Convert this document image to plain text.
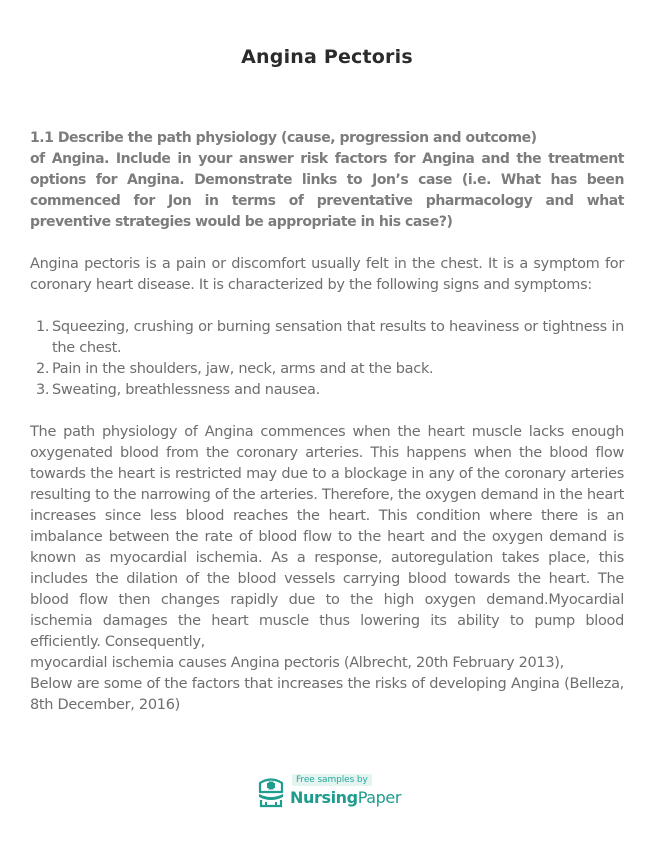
Angina Pectoris
1.1 Describe the path physiology (cause, progression and outcome)
of Angina. Include in your answer risk factors for Angina and the treatment options for Angina. Demonstrate links to Jon’s case (i.e. What has been commenced for Jon in terms of preventative pharmacology and what preventive strategies would be appropriate in his case?)

Angina pectoris is a pain or discomfort usually felt in the chest. It is a symptom for coronary heart disease. It is characterized by the following signs and symptoms:

1. Squeezing, crushing or burning sensation that results to heaviness or tightness in the chest.
2. Pain in the shoulders, jaw, neck, arms and at the back.
3. Sweating, breathlessness and nausea.

The path physiology of Angina commences when the heart muscle lacks enough oxygenated blood from the coronary arteries. This happens when the blood flow towards the heart is restricted may due to a blockage in any of the coronary arteries resulting to the narrowing of the arteries. Therefore, the oxygen demand in the heart increases since less blood reaches the heart. This condition where there is an imbalance between the rate of blood flow to the heart and the oxygen demand is known as myocardial ischemia. As a response, autoregulation takes place, this includes the dilation of the blood vessels carrying blood towards the heart. The blood flow then changes rapidly due to the high oxygen demand.Myocardial ischemia damages the heart muscle thus lowering its ability to pump blood efficiently. Consequently,
myocardial ischemia causes Angina pectoris (Albrecht, 20th February 2013),

Below are some of the factors that increases the risks of developing Angina (Belleza, 8th December, 2016)

Free samples by
NursingPaper
